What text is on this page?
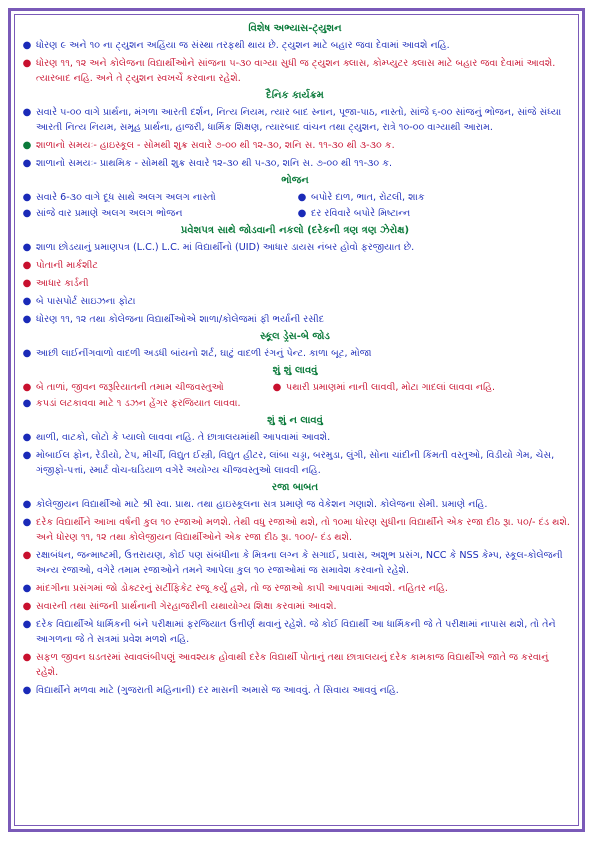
વિશેષ અભ્યાસ-ટ્યુશન
● ધોરણ ૯ અને ૧૦ ના ટ્યુશન અહિંયા જ સંસ્થા તરફથી થાય છે. ટ્યુશન માટે બહાર જવા દેવામાં આવશે નહિ.
● ધોરણ ૧૧, ૧૨ અને કોલેજના વિદ્યાર્થીઓને સાંજના ૫-૩૦ વાગ્યા સુધી જ ટ્યુશન ક્લાસ, કોમ્પ્યુટર ક્લાસ માટે બહાર જવા દેવામાં આવશે. ત્યારબાદ નહિ. અને તે ટ્યુશન સ્વખર્ચે કરવાના રહેશે.
દૈનિક કાર્યક્રમ
● સવારે ૫-૦૦ વાગે પ્રાર્થના, મંગળા આરતી દર્શન, નિત્ય નિયમ, ત્યાર બાદ સ્નાન, પૂજા-પાઠ, નાસ્તો, સાંજે ૬-૦૦ સાંજનું ભોજન, સાંજે સંધ્યા આરતી નિત્ય નિયમ, સમૂહ પ્રાર્થના, હાજરી, ધાર્મિક શિક્ષણ, ત્યારબાદ વાંચન તથા ટ્યુશન, રાત્રે ૧૦-૦૦ વાગ્યાથી આરામ.
● શાળાનો સમયઃ- હાઇસ્કૂલ - સોમથી શુક્ર સવારે ૭-૦૦ થી ૧૨-૩૦, શનિ સ. ૧૧-૩૦ થી ૩-૩૦ ક.
● શાળાનો સમયઃ- પ્રાથમિક - સોમથી શુક્ર સવારે ૧૨-૩૦ થી ૫-૩૦, શનિ સ. ૭-૦૦ થી ૧૧-૩૦ ક.
ભોજન
● સવારે 6-૩૦ વાગે દૂધ સાથે અલગ અલગ નાસ્તો
● સાંજે વાર પ્રમાણે અલગ અલગ ભોજન
● બપોરે દાળ, ભાત, રોટલી, શાક
● દર રવિવારે બપોરે મિષ્ટાન્ન
પ્રવેશપત્ર સાથે જોડવાની નકલો (દરેકની ત્રણ ત્રણ ઝેરોક્ષ)
● શાળા છોડયાનું પ્રમાણપત્ર (L.C.) L.C. માં વિદ્યાર્થીનો (UID) આધાર ડાયસ નંબર હોવો ફરજીયાત છે.
● પોતાની માર્કશીટ
● આધાર કાર્ડની
● બે પાસપોર્ટ સાઇઝના ફોટા
● ધોરણ ૧૧, ૧૨ તથા કોલેજના વિદ્યાર્થીઓએ શાળા/કોલેજમાં ફી ભર્યાની રસીદ
સ્કૂલ ડ્રેસ-બે જોડ
● આછી લાઈનીંગવાળો વાદળી અડધી બાંયનો શર્ટ, ઘાટું વાદળી રંગનું પેન્ટ. કાળા બૂટ, મોજા
શું શું લાવવું
● બે તાળાં, જીવન જરૂરિયાતની તમામ ચીજવસ્તુઓ	● પથારી પ્રમાણમાં નાની લાવવી, મોટા ગાદલાં લાવવા નહિ.
● કપડાં લટકાવવા માટે ૧ ડઝન હેંગર ફરજિયાત લાવવા.
શું શું ન લાવવું
● થાળી, વાટકો, લોટો કે પ્યાલો લાવવા નહિ. તે છાત્રાલયમાંથી આપવામાં આવશે.
● મોબાઈલ ફોન, રેડીયો, ટેપ, મીર્ચી, વિદ્યુત ઈસ્ત્રી, વિદ્યુત હીટર, લાંબા ચડ્ડા, બરમુડા, લુંગી, સોના ચાંદીની કિંમતી વસ્તુઓ, વિડીયો ગેમ, ચેસ, ગંજીફો-પત્તાં, સ્માર્ટ વોચ-ઘડિયાળ વગેરે અયોગ્ય ચીજવસ્તુઓ લાવવી નહિ.
રજા બાબત
● કોલેજીયન વિદ્યાર્થીઓ માટે શ્રી સ્વા. પ્રાથ. તથા હાઇસ્કૂલના સત્ર પ્રમાણે જ વેકેશન ગણાશે. કોલેજના સેમી. પ્રમાણે નહિ.
● દરેક વિદ્યાર્થીને આખા વર્ષની કુલ ૧૦ રજાઓ મળશે. તેથી વધુ રજાઓ થશે, તો ૧૦મા ધોરણ સુધીના વિદ્યાર્થીને એક રજા દીઠ રૂા. ૫૦/- દંડ થશે. અને ધોરણ ૧૧, ૧૨ તથા કોલેજીયન વિદ્યાર્થીઓને એક રજા દીઠ રૂા. ૧૦૦/- દંડ થશે.
● રક્ષાબંધન, જન્માષ્ટમી, ઉત્તરાયણ, કોઈ પણ સંબંધીના કે મિત્રના લગ્ન કે સગાઈ, પ્રવાસ, અશુભ પ્રસંગ, NCC કે NSS કેમ્પ, સ્કૂલ-કોલેજની અન્ય રજાઓ, વગેરે તમામ રજાઓને તમને આપેલા કુલ ૧૦ રજાઓમાં જ સમાવેશ કરવાનો રહેશે.
● માંદગીના પ્રસંગમાં જો ડોક્ટરનું સર્ટીફિકેટ રજૂ કર્યું હશે, તો જ રજાઓ કાપી આપવામાં આવશે. નહિતર નહિ.
● સવારની તથા સાંજની પ્રાર્થનાની ગેરહાજરીની યથાયોગ્ય શિક્ષા કરવામાં આવશે.
● દરેક વિદ્યાર્થીએ ધાર્મિકની બંને પરીક્ષામાં ફરજિયાત ઉત્તીર્ણ થવાનું રહેશે. જે કોઈ વિદ્યાર્થી આ ધાર્મિકની જે તે પરીક્ષામાં નાપાસ થશે, તો તેને આગળના જે તે સત્રમાં પ્રવેશ મળશે નહિ.
● સફળ જીવન ઘડતરમાં સ્વાવલંબીપણું આવશ્યક હોવાથી દરેક વિદ્યાર્થી પોતાનું તથા છાત્રાલયનું દરેક કામકાજ વિદ્યાર્થીએ જાતે જ કરવાનું રહેશે.
● વિદ્યાર્થીને મળવા માટે (ગુજરાતી મહિનાની) દર માસની અમાસે જ આવવું. તે સિવાય આવવું નહિ.
